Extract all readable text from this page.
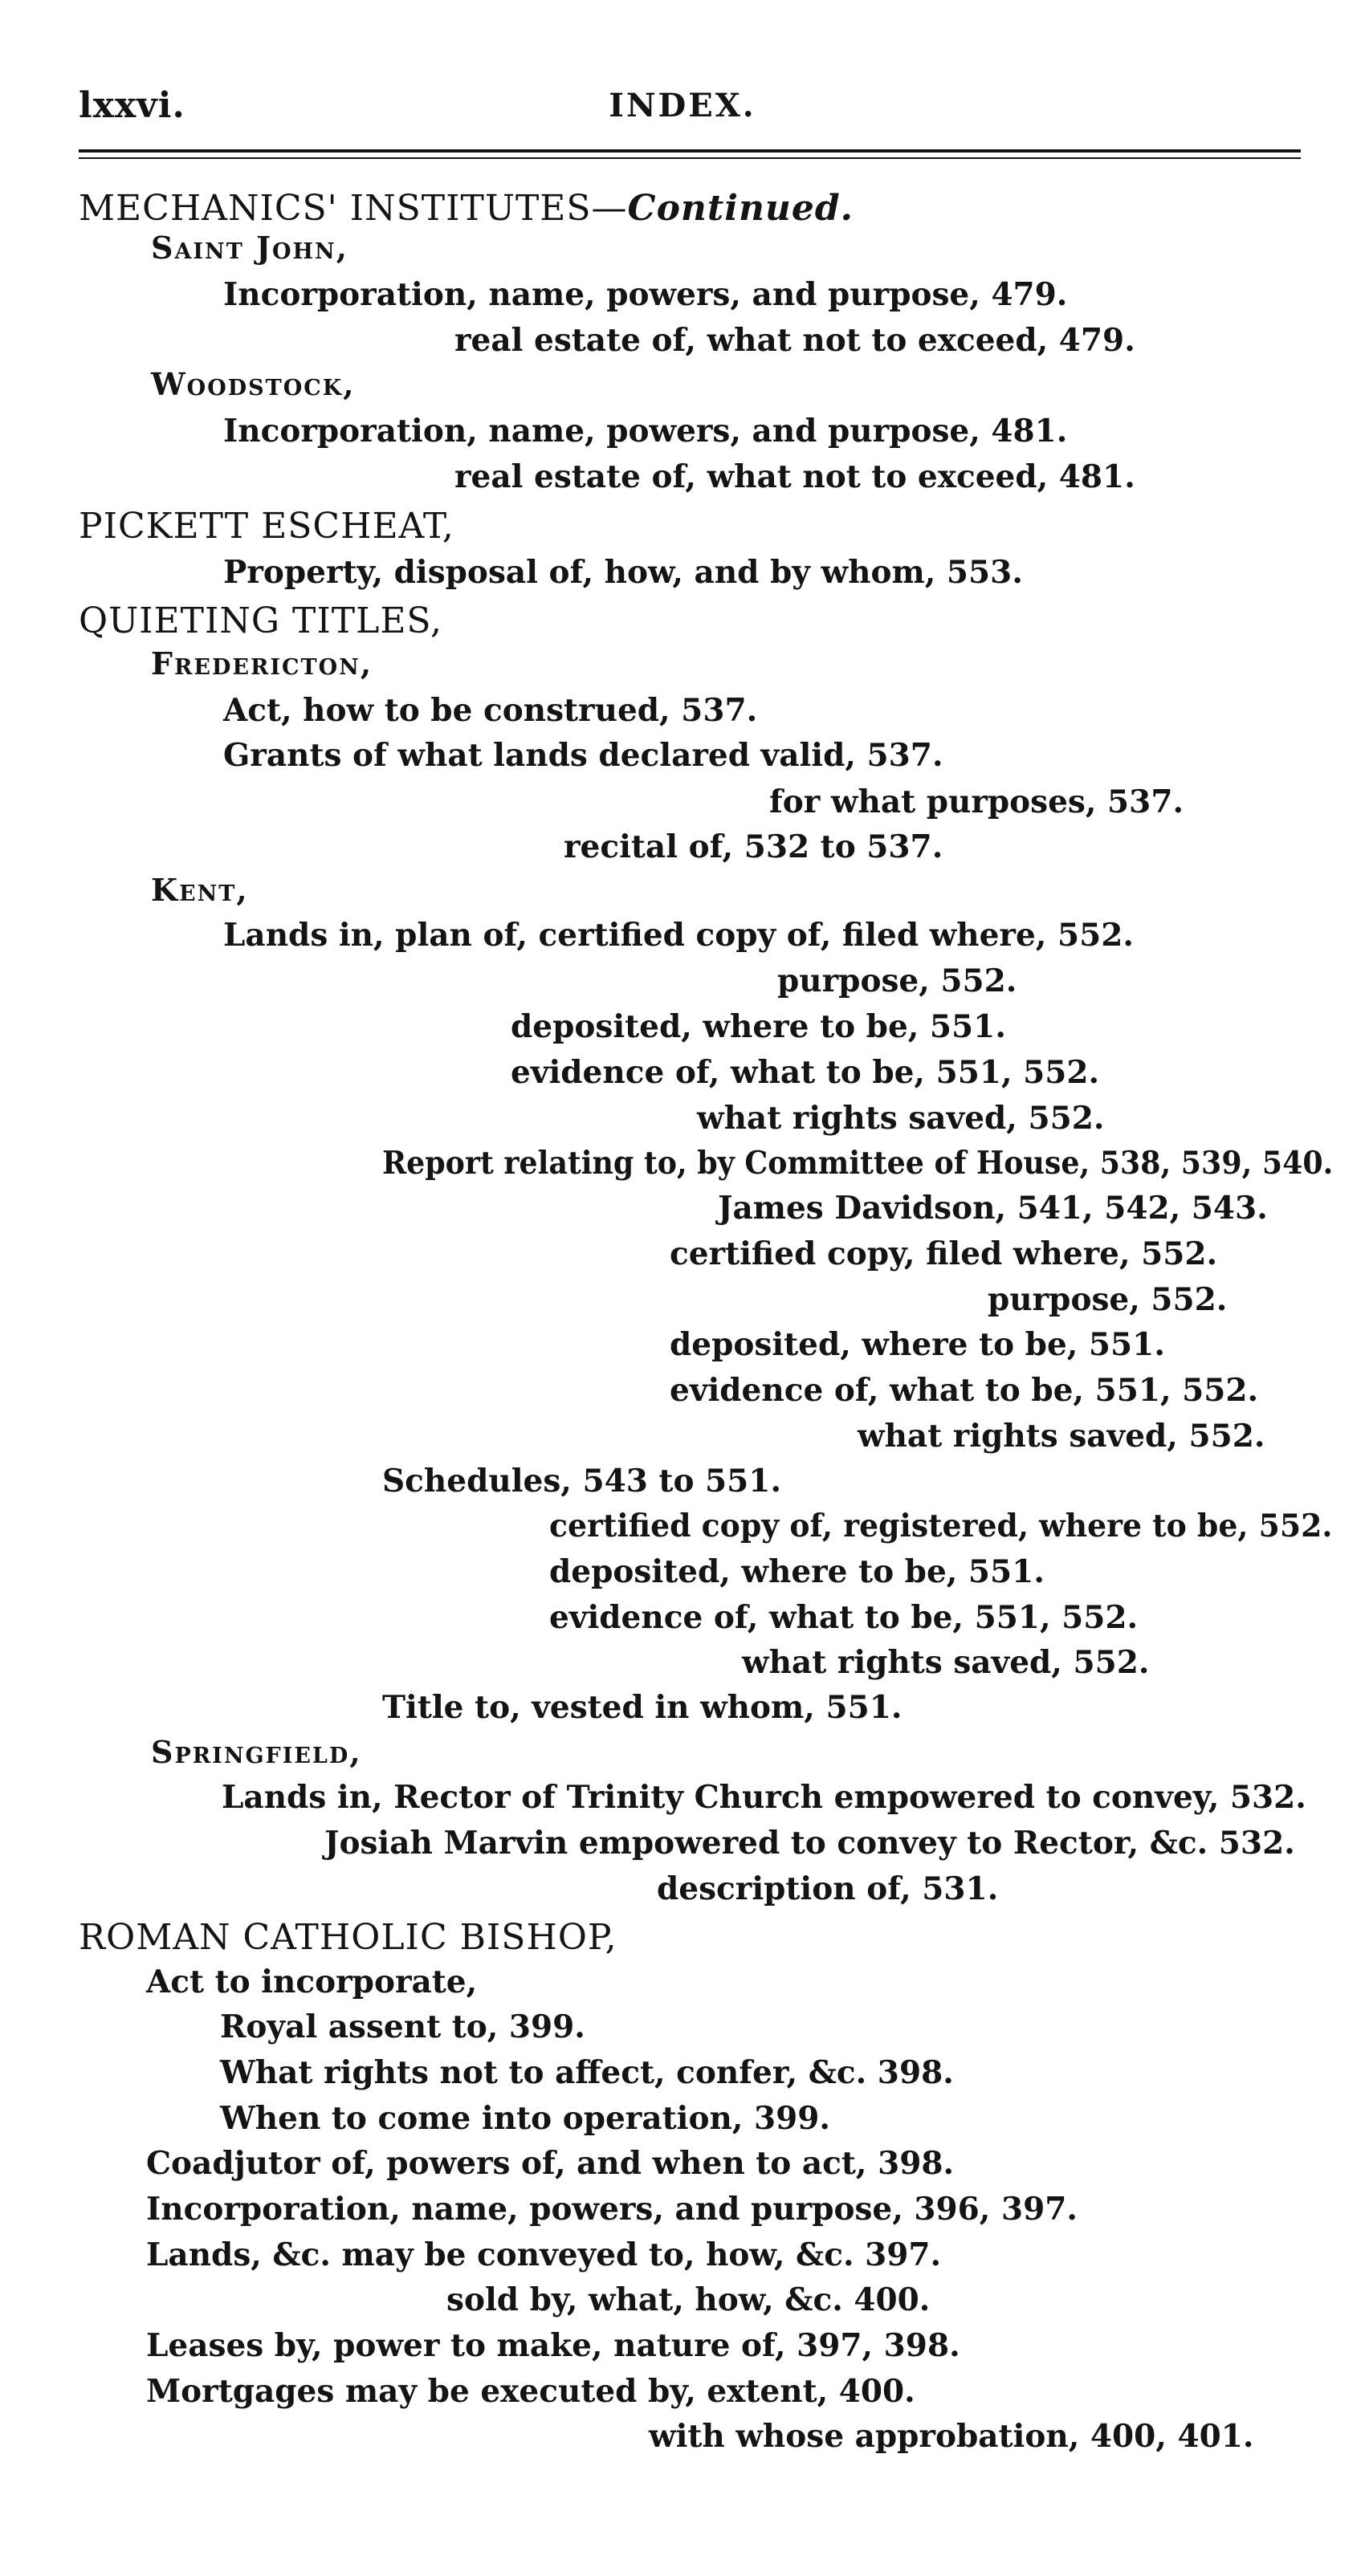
lxxvi.	INDEX.
MECHANICS' INSTITUTES—Continued.
Saint John,
Incorporation, name, powers, and purpose, 479.
real estate of, what not to exceed, 479.
Woodstock,
Incorporation, name, powers, and purpose, 481.
real estate of, what not to exceed, 481.
PICKETT ESCHEAT,
Property, disposal of, how, and by whom, 553.
QUIETING TITLES,
Fredericton,
Act, how to be construed, 537.
Grants of what lands declared valid, 537.
for what purposes, 537.
recital of, 532 to 537.
Kent,
Lands in, plan of, certified copy of, filed where, 552.
purpose, 552.
deposited, where to be, 551.
evidence of, what to be, 551, 552.
what rights saved, 552.
Report relating to, by Committee of House, 538, 539, 540.
James Davidson, 541, 542, 543.
certified copy, filed where, 552.
purpose, 552.
deposited, where to be, 551.
evidence of, what to be, 551, 552.
what rights saved, 552.
Schedules, 543 to 551.
certified copy of, registered, where to be, 552.
deposited, where to be, 551.
evidence of, what to be, 551, 552.
what rights saved, 552.
Title to, vested in whom, 551.
Springfield,
Lands in, Rector of Trinity Church empowered to convey, 532.
Josiah Marvin empowered to convey to Rector, &c. 532.
description of, 531.
ROMAN CATHOLIC BISHOP,
Act to incorporate,
Royal assent to, 399.
What rights not to affect, confer, &c. 398.
When to come into operation, 399.
Coadjutor of, powers of, and when to act, 398.
Incorporation, name, powers, and purpose, 396, 397.
Lands, &c. may be conveyed to, how, &c. 397.
sold by, what, how, &c. 400.
Leases by, power to make, nature of, 397, 398.
Mortgages may be executed by, extent, 400.
with whose approbation, 400, 401.
